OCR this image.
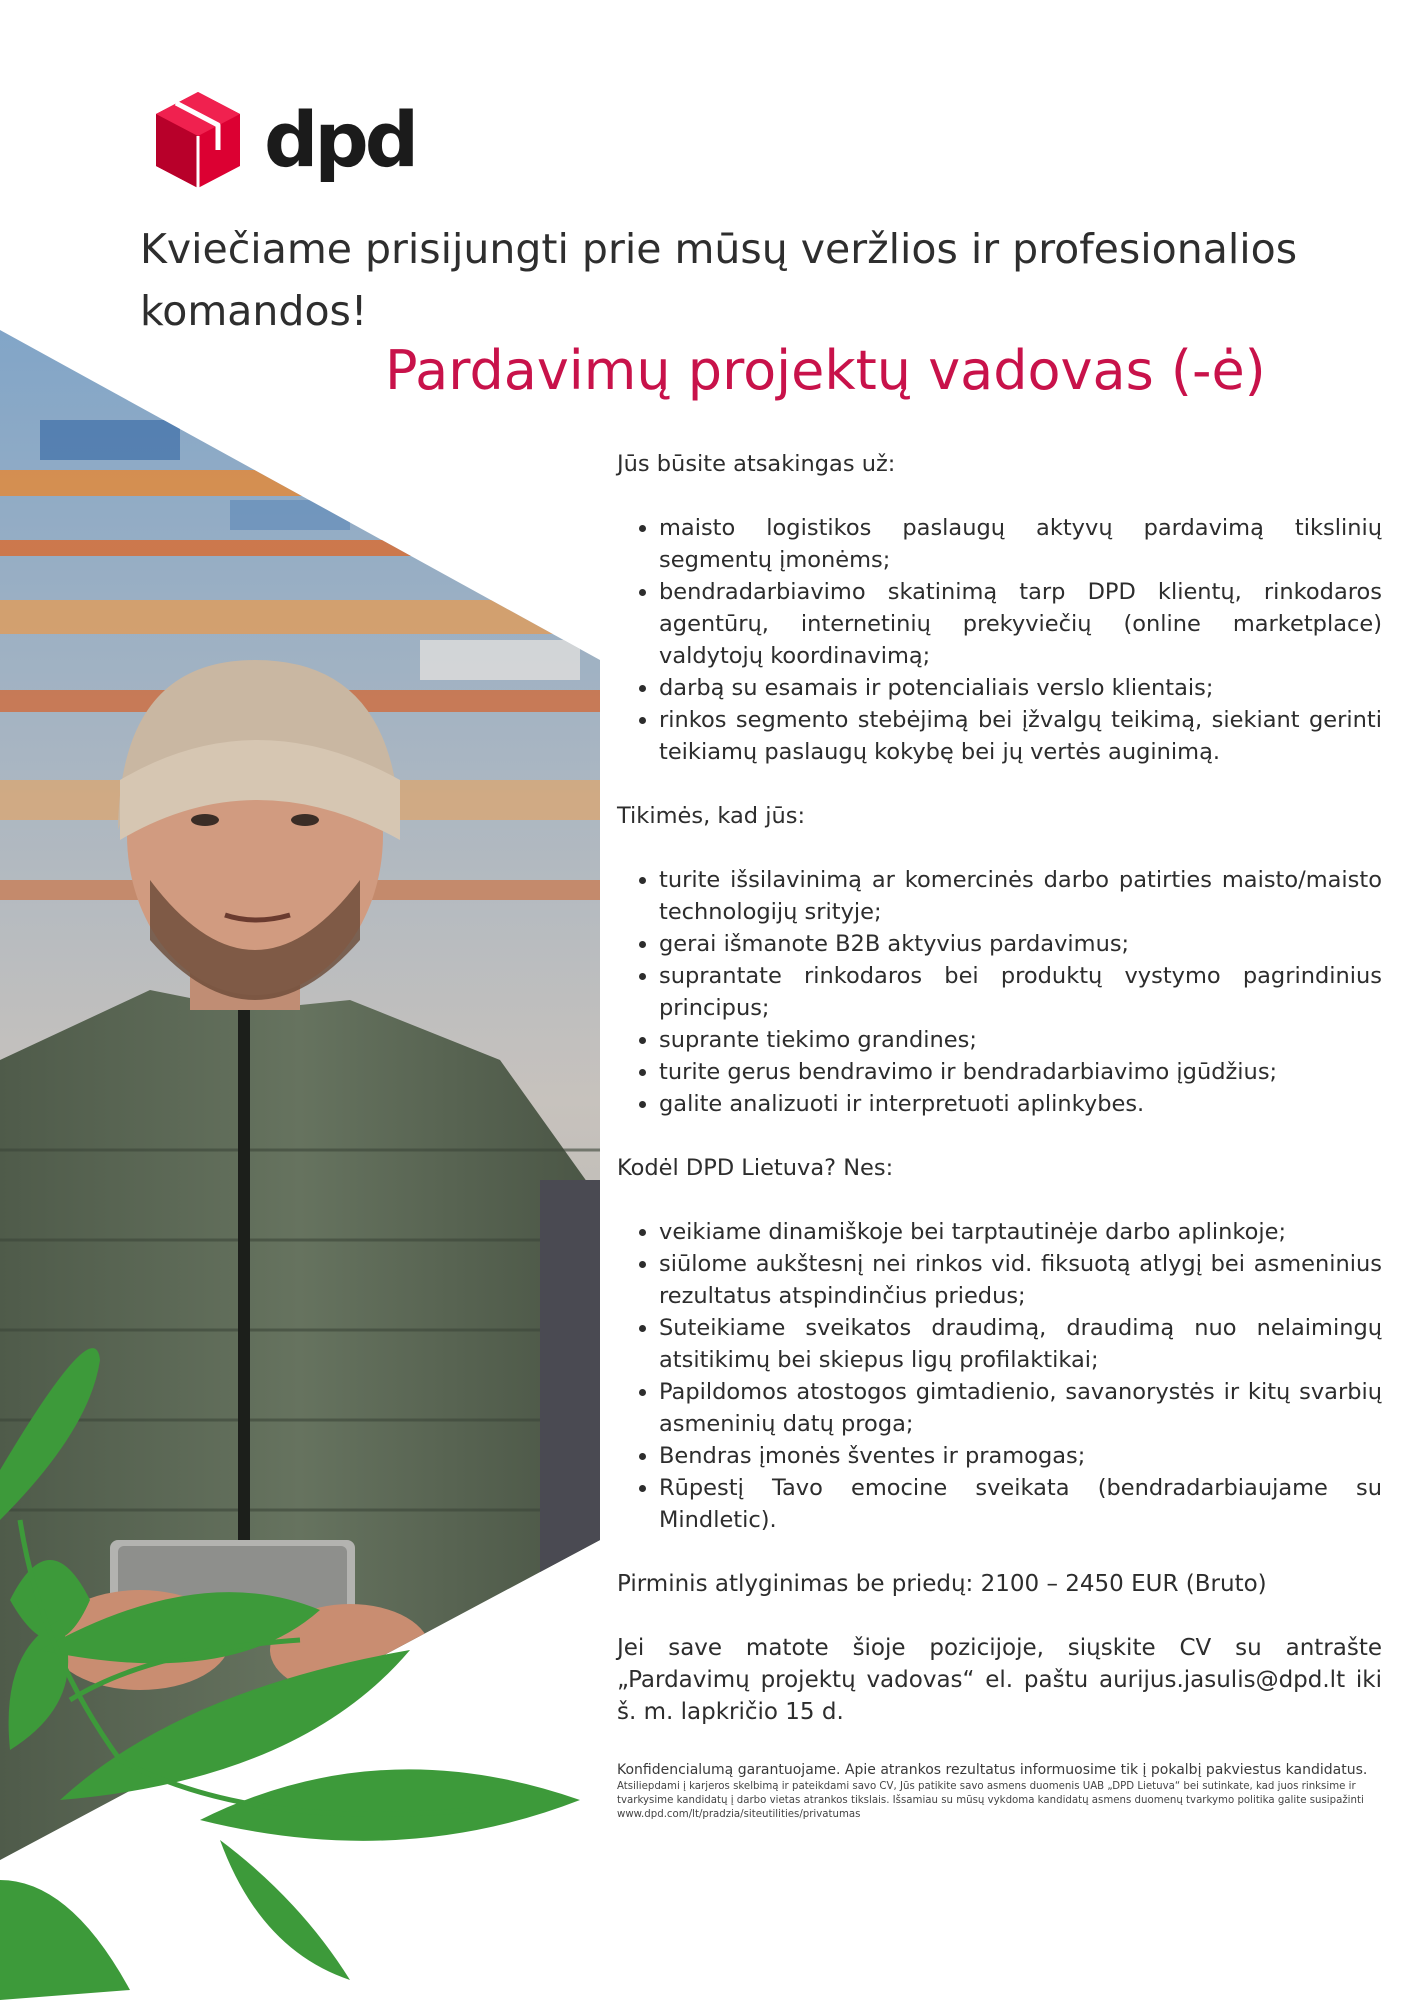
dpd
Kviečiame prisijungti prie mūsų veržlios ir profesionalios komandos!
Pardavimų projektų vadovas (-ė)
Jūs būsite atsakingas už:
• maisto logistikos paslaugų aktyvų pardavimą tikslinių segmentų įmonėms;
• bendradarbiavimo skatinimą tarp DPD klientų, rinkodaros agentūrų, internetinių prekyviečių (online marketplace) valdytojų koordinavimą;
• darbą su esamais ir potencialiais verslo klientais;
• rinkos segmento stebėjimą bei įžvalgų teikimą, siekiant gerinti teikiamų paslaugų kokybę bei jų vertės auginimą.
Tikimės, kad jūs:
• turite išsilavinimą ar komercinės darbo patirties maisto/maisto technologijų srityje;
• gerai išmanote B2B aktyvius pardavimus;
• suprantate rinkodaros bei produktų vystymo pagrindinius principus;
• suprante tiekimo grandines;
• turite gerus bendravimo ir bendradarbiavimo įgūdžius;
• galite analizuoti ir interpretuoti aplinkybes.
Kodėl DPD Lietuva? Nes:
• veikiame dinamiškoje bei tarptautinėje darbo aplinkoje;
• siūlome aukštesnį nei rinkos vid. fiksuotą atlygį bei asmeninius rezultatus atspindinčius priedus;
• Suteikiame sveikatos draudimą, draudimą nuo nelaimingų atsitikimų bei skiepus ligų profilaktikai;
• Papildomos atostogos gimtadienio, savanorystės ir kitų svarbių asmeninių datų proga;
• Bendras įmonės šventes ir pramogas;
• Rūpestį Tavo emocine sveikata (bendradarbiaujame su Mindletic).

Pirminis atlyginimas be priedų: 2100 – 2450 EUR (Bruto)

Jei save matote šioje pozicijoje, siųskite CV su antrašte „Pardavimų projektų vadovas“ el. paštu aurijus.jasulis@dpd.lt iki š. m. lapkričio 15 d.

Konfidencialumą garantuojame. Apie atrankos rezultatus informuosime tik į pokalbį pakviestus kandidatus.

Atsiliepdami į karjeros skelbimą ir pateikdami savo CV, Jūs patikite savo asmens duomenis UAB „DPD Lietuva“ bei sutinkate, kad juos rinksime ir tvarkysime kandidatų į darbo vietas atrankos tikslais. Išsamiau su mūsų vykdoma kandidatų asmens duomenų tvarkymo politika galite susipažinti www.dpd.com/lt/pradzia/siteutilities/privatumas
